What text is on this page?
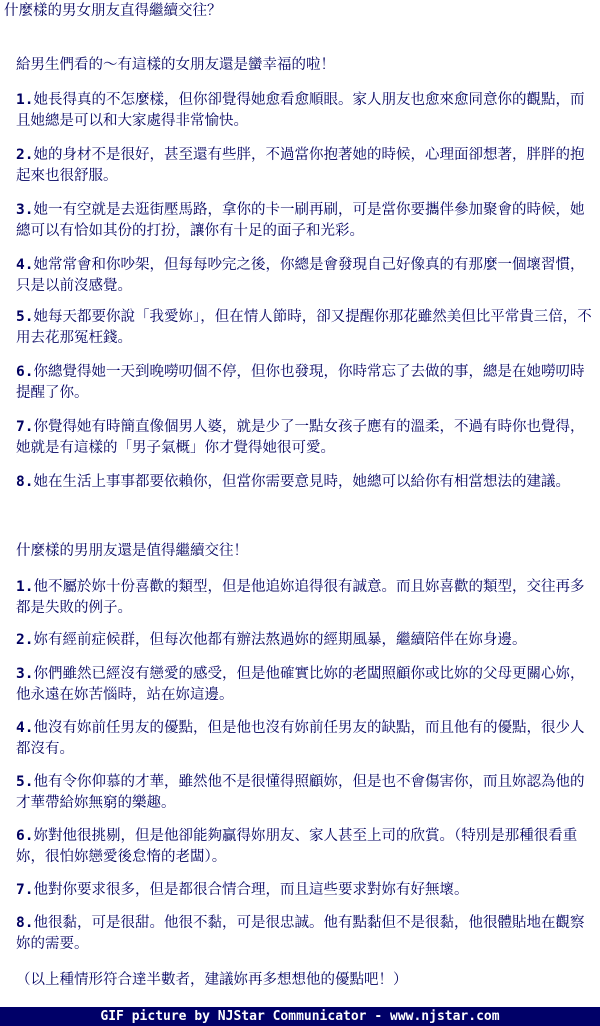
什麼樣的男女朋友直得繼續交往？
給男生們看的～有這樣的女朋友還是蠻幸福的啦！
1.她長得真的不怎麼樣，但你卻覺得她愈看愈順眼。家人朋友也愈來愈同意你的觀點，而且她總是可以和大家處得非常愉快。
2.她的身材不是很好，甚至還有些胖，不過當你抱著她的時候，心理面卻想著，胖胖的抱起來也很舒服。
3.她一有空就是去逛街壓馬路，拿你的卡一刷再刷，可是當你要攜伴參加聚會的時候，她總可以有恰如其份的打扮，讓你有十足的面子和光彩。
4.她常常會和你吵架，但每每吵完之後，你總是會發現自己好像真的有那麼一個壞習慣，只是以前沒感覺。
5.她每天都要你說「我愛妳」，但在情人節時，卻又提醒你那花雖然美但比平常貴三倍，不用去花那冤枉錢。
6.你總覺得她一天到晚嘮叨個不停，但你也發現，你時常忘了去做的事，總是在她嘮叨時提醒了你。
7.你覺得她有時簡直像個男人婆，就是少了一點女孩子應有的溫柔，不過有時你也覺得，她就是有這樣的「男子氣概」你才覺得她很可愛。
8.她在生活上事事都要依賴你，但當你需要意見時，她總可以給你有相當想法的建議。
什麼樣的男朋友還是值得繼續交往！
1.他不屬於妳十份喜歡的類型，但是他追妳追得很有誠意。而且妳喜歡的類型，交往再多都是失敗的例子。
2.妳有經前症候群，但每次他都有辦法熬過妳的經期風暴，繼續陪伴在妳身邊。
3.你們雖然已經沒有戀愛的感受，但是他確實比妳的老闆照顧你或比妳的父母更關心妳，他永遠在妳苦惱時，站在妳這邊。
4.他沒有妳前任男友的優點，但是他也沒有妳前任男友的缺點，而且他有的優點，很少人都沒有。
5.他有令你仰慕的才華，雖然他不是很懂得照顧妳，但是也不會傷害你，而且妳認為他的才華帶給妳無窮的樂趣。
6.妳對他很挑剔，但是他卻能夠贏得妳朋友、家人甚至上司的欣賞。（特別是那種很看重妳，很怕妳戀愛後怠惰的老闆）。
7.他對你要求很多，但是都很合情合理，而且這些要求對妳有好無壞。
8.他很黏，可是很甜。他很不黏，可是很忠誠。他有點黏但不是很黏，他很體貼地在觀察妳的需要。
（以上種情形符合達半數者，建議妳再多想想他的優點吧！）
GIF picture by NJStar Communicator - www.njstar.com
